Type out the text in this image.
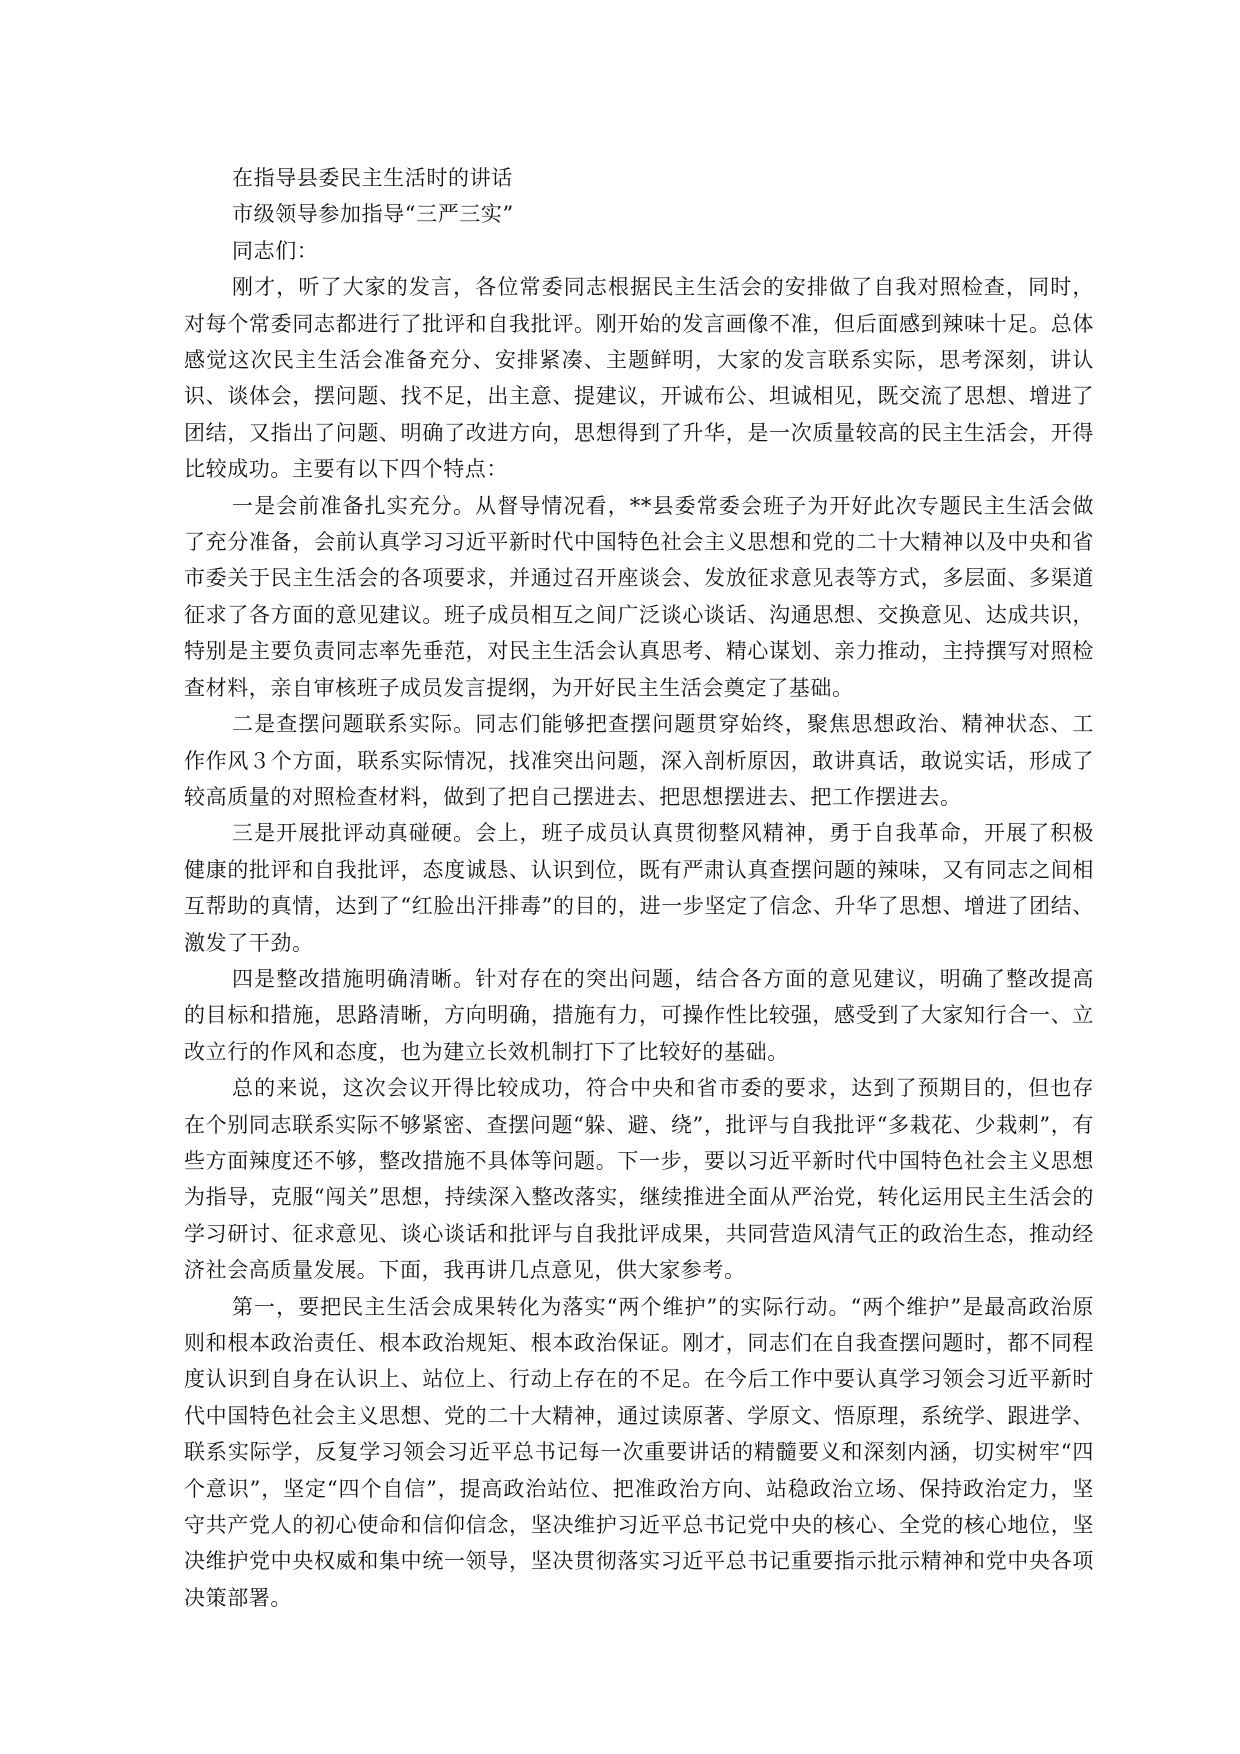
在指导县委民主生活时的讲话

市级领导参加指导“三严三实”

同志们：

刚才，听了大家的发言，各位常委同志根据民主生活会的安排做了自我对照检查，同时，对每个常委同志都进行了批评和自我批评。刚开始的发言画像不准，但后面感到辣味十足。总体感觉这次民主生活会准备充分、安排紧凑、主题鲜明，大家的发言联系实际，思考深刻，讲认识、谈体会，摆问题、找不足，出主意、提建议，开诚布公、坦诚相见，既交流了思想、增进了团结，又指出了问题、明确了改进方向，思想得到了升华，是一次质量较高的民主生活会，开得比较成功。主要有以下四个特点：

一是会前准备扎实充分。从督导情况看，**县委常委会班子为开好此次专题民主生活会做了充分准备，会前认真学习习近平新时代中国特色社会主义思想和党的二十大精神以及中央和省市委关于民主生活会的各项要求，并通过召开座谈会、发放征求意见表等方式，多层面、多渠道征求了各方面的意见建议。班子成员相互之间广泛谈心谈话、沟通思想、交换意见、达成共识，特别是主要负责同志率先垂范，对民主生活会认真思考、精心谋划、亲力推动，主持撰写对照检查材料，亲自审核班子成员发言提纲，为开好民主生活会奠定了基础。

二是查摆问题联系实际。同志们能够把查摆问题贯穿始终，聚焦思想政治、精神状态、工作作风３个方面，联系实际情况，找准突出问题，深入剖析原因，敢讲真话，敢说实话，形成了较高质量的对照检查材料，做到了把自己摆进去、把思想摆进去、把工作摆进去。

三是开展批评动真碰硬。会上，班子成员认真贯彻整风精神，勇于自我革命，开展了积极健康的批评和自我批评，态度诚恳、认识到位，既有严肃认真查摆问题的辣味，又有同志之间相互帮助的真情，达到了“红脸出汗排毒”的目的，进一步坚定了信念、升华了思想、增进了团结、激发了干劲。

四是整改措施明确清晰。针对存在的突出问题，结合各方面的意见建议，明确了整改提高的目标和措施，思路清晰，方向明确，措施有力，可操作性比较强，感受到了大家知行合一、立改立行的作风和态度，也为建立长效机制打下了比较好的基础。

总的来说，这次会议开得比较成功，符合中央和省市委的要求，达到了预期目的，但也存在个别同志联系实际不够紧密、查摆问题“躲、避、绕”，批评与自我批评“多栽花、少栽刺”，有些方面辣度还不够，整改措施不具体等问题。下一步，要以习近平新时代中国特色社会主义思想为指导，克服“闯关”思想，持续深入整改落实，继续推进全面从严治党，转化运用民主生活会的学习研讨、征求意见、谈心谈话和批评与自我批评成果，共同营造风清气正的政治生态，推动经济社会高质量发展。下面，我再讲几点意见，供大家参考。

第一，要把民主生活会成果转化为落实“两个维护”的实际行动。“两个维护”是最高政治原则和根本政治责任、根本政治规矩、根本政治保证。刚才，同志们在自我查摆问题时，都不同程度认识到自身在认识上、站位上、行动上存在的不足。在今后工作中要认真学习领会习近平新时代中国特色社会主义思想、党的二十大精神，通过读原著、学原文、悟原理，系统学、跟进学、联系实际学，反复学习领会习近平总书记每一次重要讲话的精髓要义和深刻内涵，切实树牢“四个意识”，坚定“四个自信”，提高政治站位、把准政治方向、站稳政治立场、保持政治定力，坚守共产党人的初心使命和信仰信念，坚决维护习近平总书记党中央的核心、全党的核心地位，坚决维护党中央权威和集中统一领导，坚决贯彻落实习近平总书记重要指示批示精神和党中央各项决策部署。
